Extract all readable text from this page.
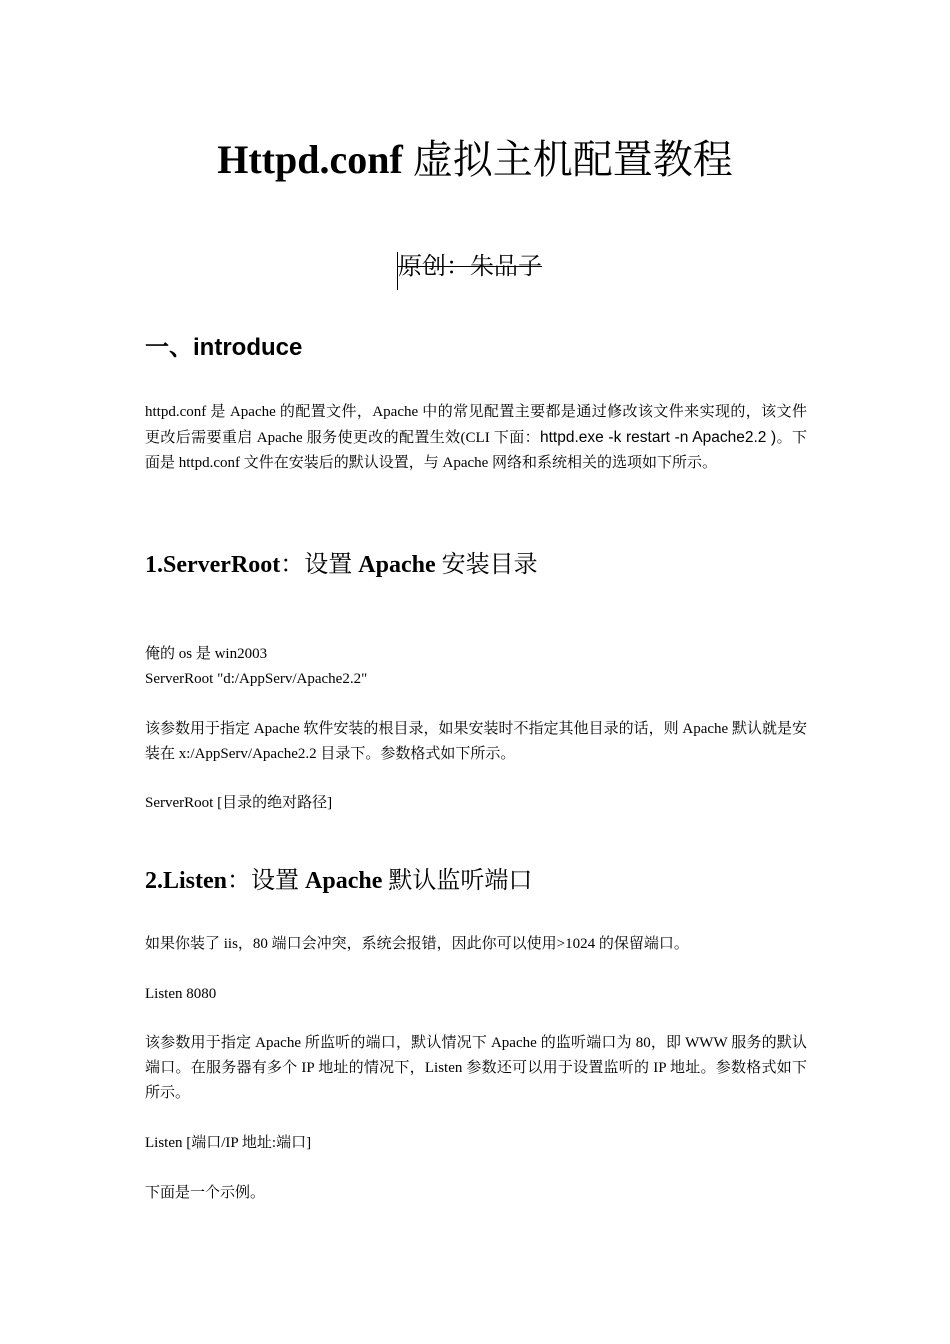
Httpd.conf 虚拟主机配置教程
原创：朱品子
一、introduce
httpd.conf 是 Apache 的配置文件，Apache 中的常见配置主要都是通过修改该文件来实现的，该文件更改后需要重启 Apache 服务使更改的配置生效(CLI 下面：httpd.exe -k restart -n Apache2.2 )。下面是 httpd.conf 文件在安装后的默认设置，与 Apache 网络和系统相关的选项如下所示。
1.ServerRoot：设置 Apache 安装目录
俺的 os 是 win2003
ServerRoot "d:/AppServ/Apache2.2"
该参数用于指定 Apache 软件安装的根目录，如果安装时不指定其他目录的话，则 Apache 默认就是安装在 x:/AppServ/Apache2.2 目录下。参数格式如下所示。
ServerRoot [目录的绝对路径]
2.Listen：设置 Apache 默认监听端口
如果你装了 iis，80 端口会冲突，系统会报错，因此你可以使用>1024 的保留端口。
Listen 8080
该参数用于指定 Apache 所监听的端口，默认情况下 Apache 的监听端口为 80，即 WWW 服务的默认端口。在服务器有多个 IP 地址的情况下，Listen 参数还可以用于设置监听的 IP 地址。参数格式如下所示。
Listen [端口/IP 地址:端口]
下面是一个示例。
